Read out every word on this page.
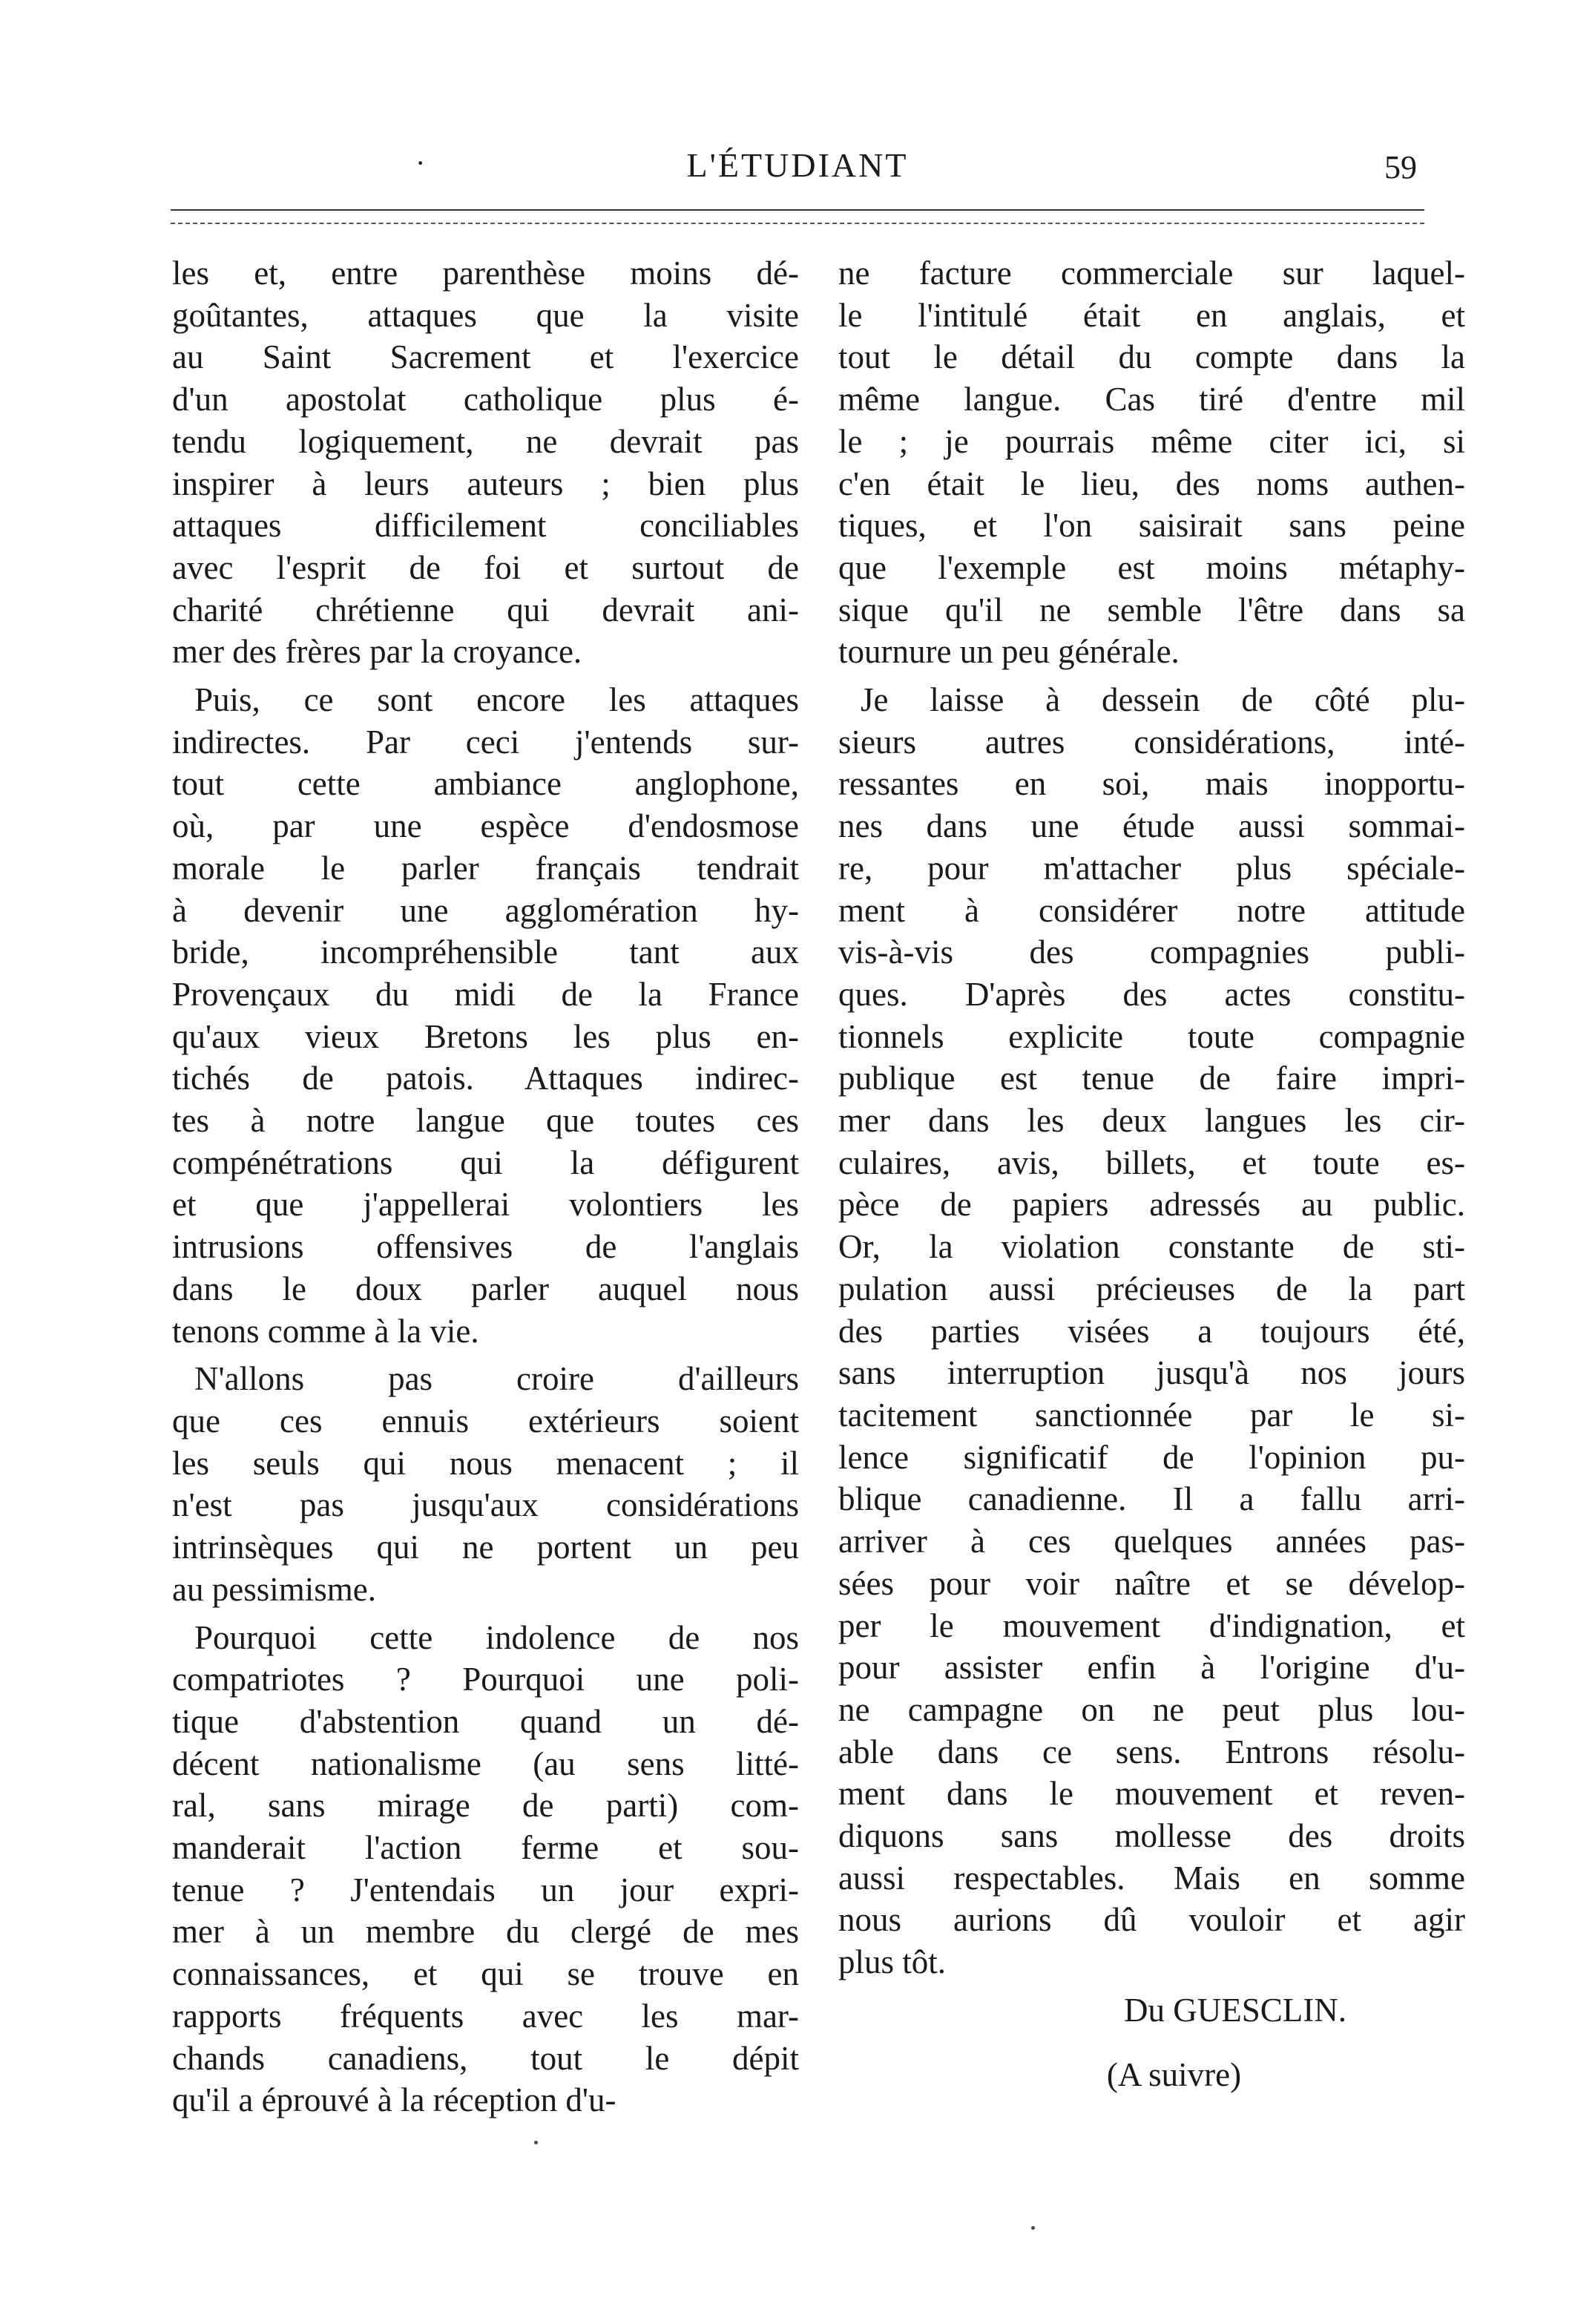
·	L'ÉTUDIANT	59

les et, entre parenthèse moins dé-
goûtantes, attaques que la visite
au Saint Sacrement et l'exercice
d'un apostolat catholique plus é-
tendu logiquement, ne devrait pas
inspirer à leurs auteurs ; bien plus
attaques difficilement conciliables
avec l'esprit de foi et surtout de
charité chrétienne qui devrait ani-
mer des frères par la croyance.

Puis, ce sont encore les attaques
indirectes. Par ceci j'entends sur-
tout cette ambiance anglophone,
où, par une espèce d'endosmose
morale le parler français tendrait
à devenir une agglomération hy-
bride, incompréhensible tant aux
Provençaux du midi de la France
qu'aux vieux Bretons les plus en-
tichés de patois. Attaques indirec-
tes à notre langue que toutes ces
compénétrations qui la défigurent
et que j'appellerai volontiers les
intrusions offensives de l'anglais
dans le doux parler auquel nous
tenons comme à la vie.

N'allons pas croire d'ailleurs
que ces ennuis extérieurs soient
les seuls qui nous menacent ; il
n'est pas jusqu'aux considérations
intrinsèques qui ne portent un peu
au pessimisme.

Pourquoi cette indolence de nos
compatriotes ? Pourquoi une poli-
tique d'abstention quand un dé-
décent nationalisme (au sens litté-
ral, sans mirage de parti) com-
manderait l'action ferme et sou-
tenue ? J'entendais un jour expri-
mer à un membre du clergé de mes
connaissances, et qui se trouve en
rapports fréquents avec les mar-
chands canadiens, tout le dépit
qu'il a éprouvé à la réception d'u-

ne facture commerciale sur laquel-
le l'intitulé était en anglais, et
tout le détail du compte dans la
même langue. Cas tiré d'entre mil
le ; je pourrais même citer ici, si
c'en était le lieu, des noms authen-
tiques, et l'on saisirait sans peine
que l'exemple est moins métaphy-
sique qu'il ne semble l'être dans sa
tournure un peu générale.

Je laisse à dessein de côté plu-
sieurs autres considérations, inté-
ressantes en soi, mais inopportu-
nes dans une étude aussi sommai-
re, pour m'attacher plus spéciale-
ment à considérer notre attitude
vis-à-vis des compagnies publi-
ques. D'après des actes constitu-
tionnels explicite toute compagnie
publique est tenue de faire impri-
mer dans les deux langues les cir-
culaires, avis, billets, et toute es-
pèce de papiers adressés au public.
Or, la violation constante de sti-
pulation aussi précieuses de la part
des parties visées a toujours été,
sans interruption jusqu'à nos jours
tacitement sanctionnée par le si-
lence significatif de l'opinion pu-
blique canadienne. Il a fallu arri-
arriver à ces quelques années pas-
sées pour voir naître et se dévelop-
per le mouvement d'indignation, et
pour assister enfin à l'origine d'u-
ne campagne on ne peut plus lou-
able dans ce sens. Entrons résolu-
ment dans le mouvement et reven-
diquons sans mollesse des droits
aussi respectables. Mais en somme
nous aurions dû vouloir et agir
plus tôt.

Du GUESCLIN.
(A suivre)
